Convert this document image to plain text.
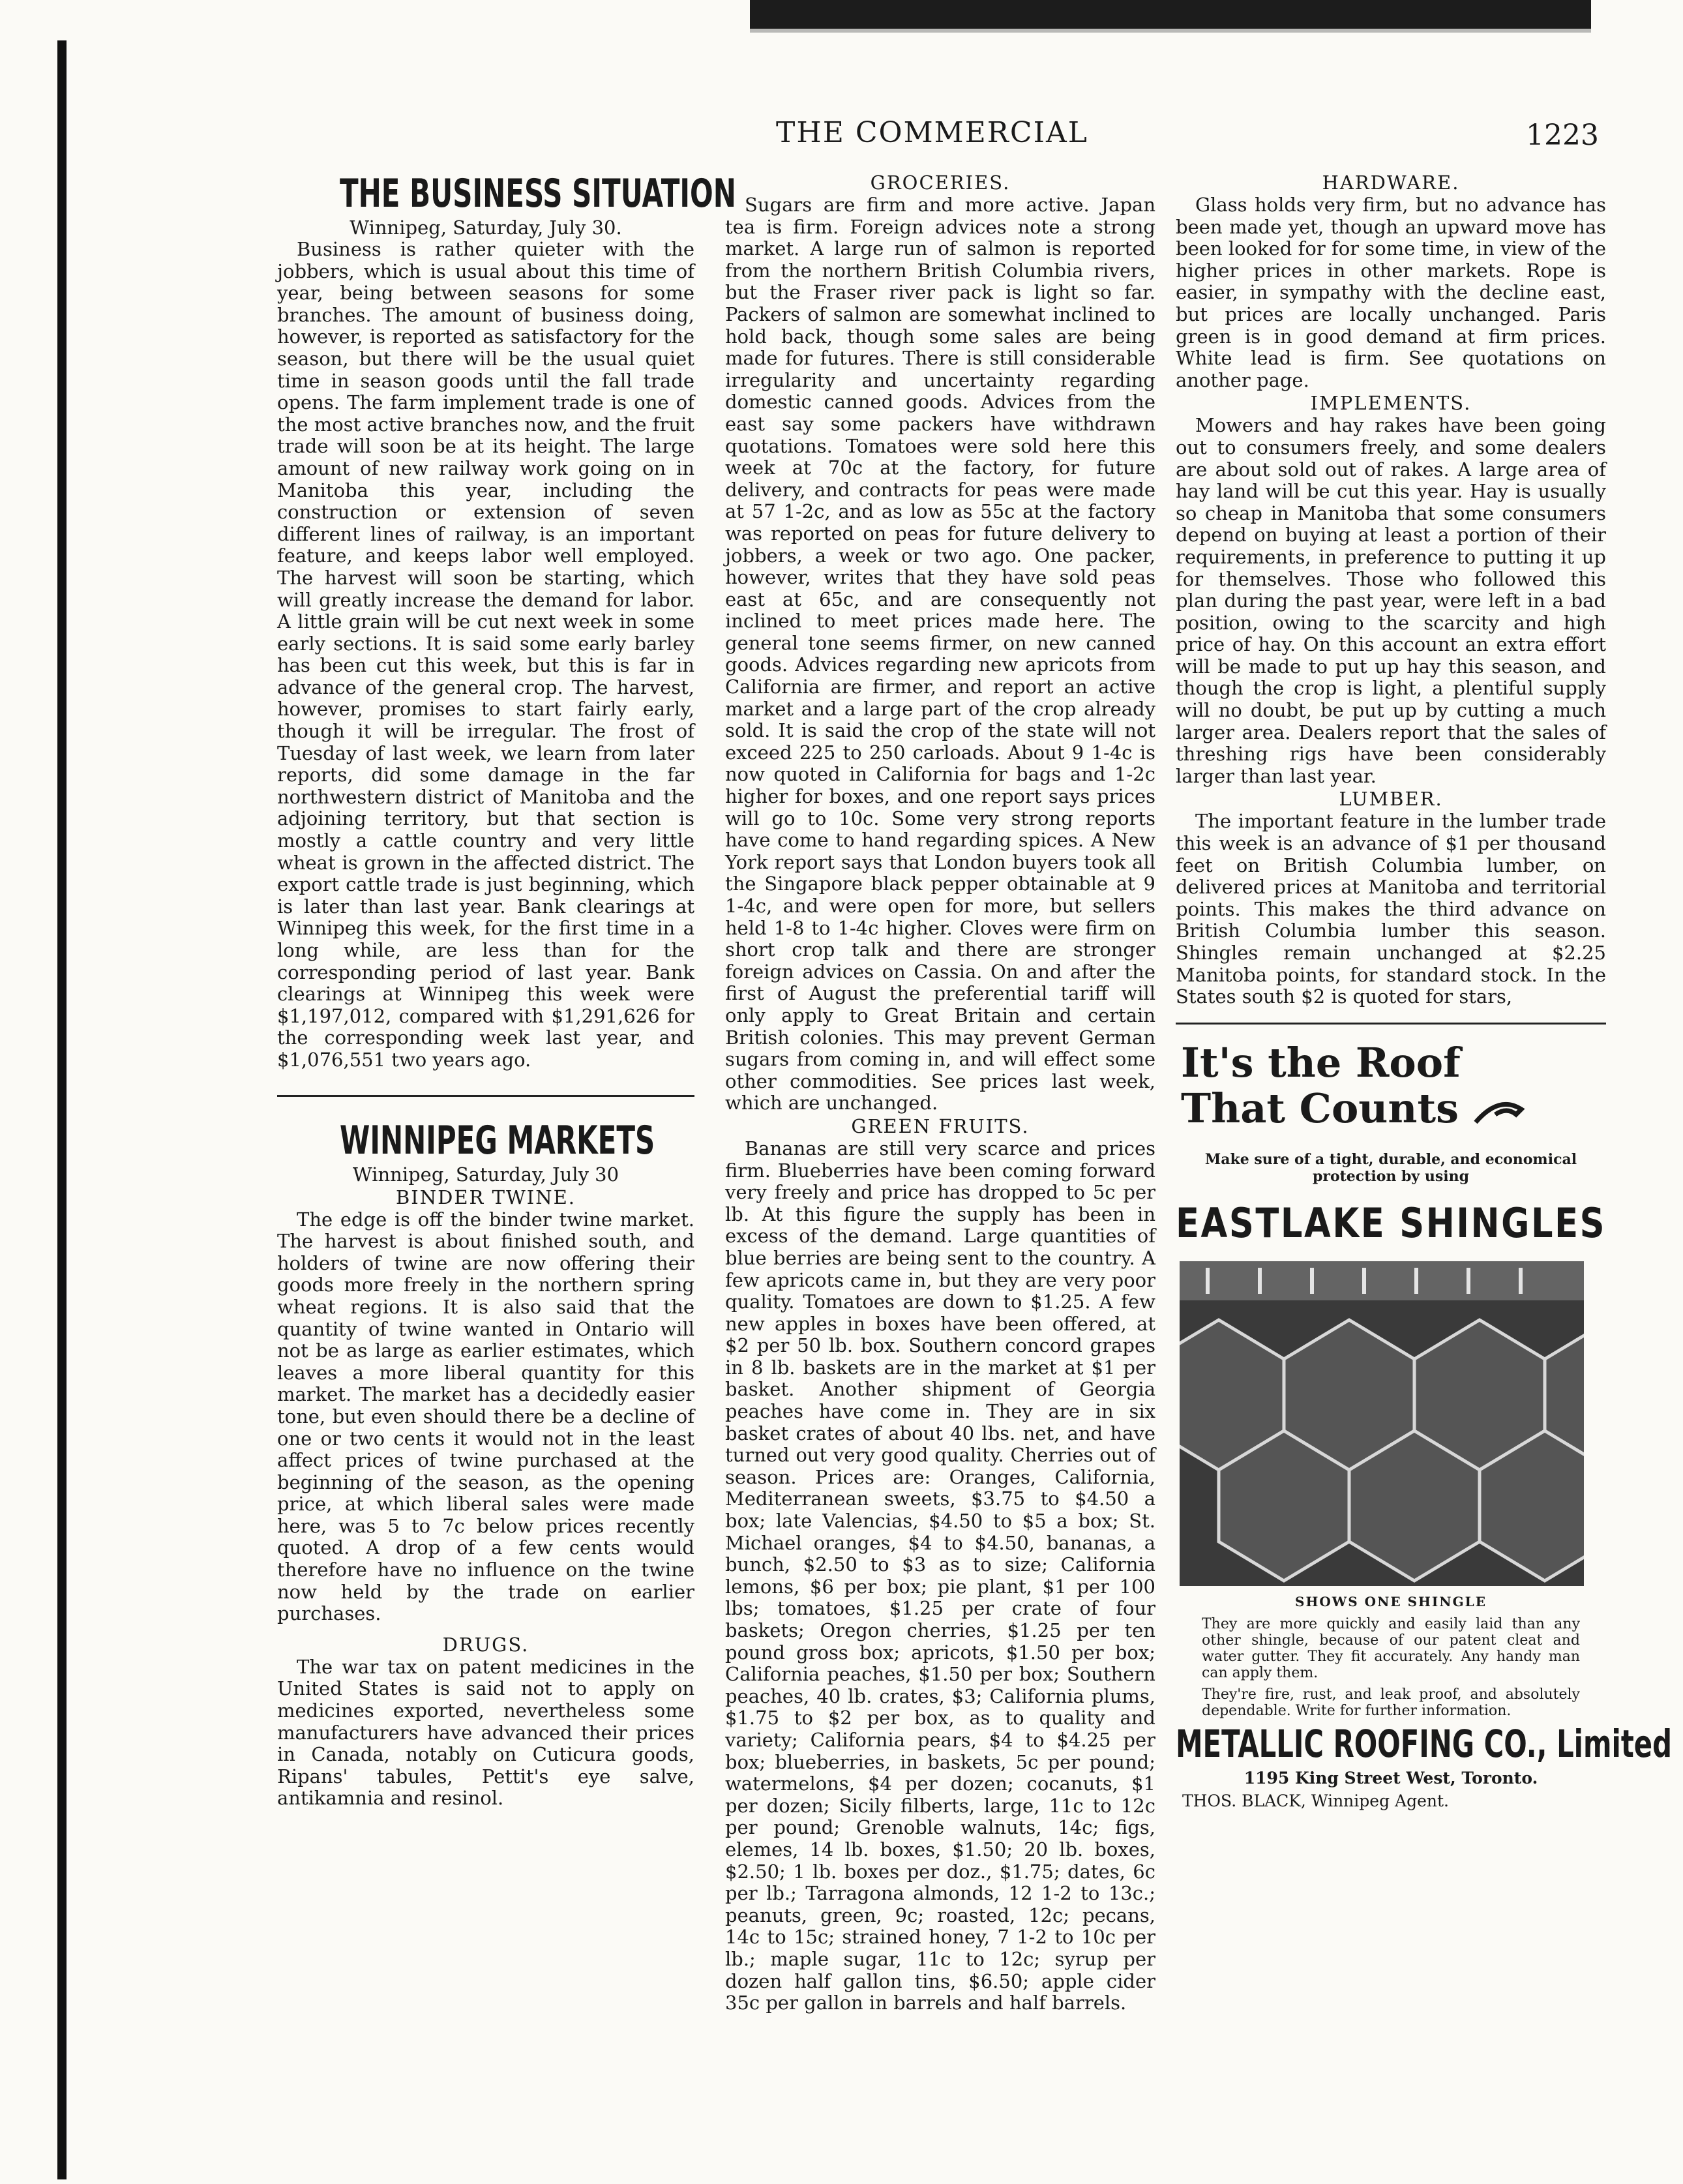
THE COMMERCIAL	1223
THE BUSINESS SITUATION

Winnipeg, Saturday, July 30.

Business is rather quieter with the jobbers, which is usual about this time of year, being between seasons for some branches. The amount of business doing, however, is reported as satisfactory for the season, but there will be the usual quiet time in season goods until the fall trade opens. The farm implement trade is one of the most active branches now, and the fruit trade will soon be at its height. The large amount of new railway work going on in Manitoba this year, including the construction or extension of seven different lines of railway, is an important feature, and keeps labor well employed. The harvest will soon be starting, which will greatly increase the demand for labor. A little grain will be cut next week in some early sections. It is said some early barley has been cut this week, but this is far in advance of the general crop. The harvest, however, promises to start fairly early, though it will be irregular. The frost of Tuesday of last week, we learn from later reports, did some damage in the far northwestern district of Manitoba and the adjoining territory, but that section is mostly a cattle country and very little wheat is grown in the affected district. The export cattle trade is just beginning, which is later than last year. Bank clearings at Winnipeg this week, for the first time in a long while, are less than for the corresponding period of last year. Bank clearings at Winnipeg this week were $1,197,012, compared with $1,291,626 for the corresponding week last year, and $1,076,551 two years ago.

WINNIPEG MARKETS

Winnipeg, Saturday, July 30

BINDER TWINE.

The edge is off the binder twine market. The harvest is about finished south, and holders of twine are now offering their goods more freely in the northern spring wheat regions. It is also said that the quantity of twine wanted in Ontario will not be as large as earlier estimates, which leaves a more liberal quantity for this market. The market has a decidedly easier tone, but even should there be a decline of one or two cents it would not in the least affect prices of twine purchased at the beginning of the season, as the opening price, at which liberal sales were made here, was 5 to 7c below prices recently quoted. A drop of a few cents would therefore have no influence on the twine now held by the trade on earlier purchases.

DRUGS.

The war tax on patent medicines in the United States is said not to apply on medicines exported, nevertheless some manufacturers have advanced their prices in Canada, notably on Cuticura goods, Ripans' tabules, Pettit's eye salve, antikamnia and resinol.

GROCERIES.

Sugars are firm and more active. Japan tea is firm. Foreign advices note a strong market. A large run of salmon is reported from the northern British Columbia rivers, but the Fraser river pack is light so far. Packers of salmon are somewhat inclined to hold back, though some sales are being made for futures. There is still considerable irregularity and uncertainty regarding domestic canned goods. Advices from the east say some packers have withdrawn quotations. Tomatoes were sold here this week at 70c at the factory, for future delivery, and contracts for peas were made at 57 1-2c, and as low as 55c at the factory was reported on peas for future delivery to jobbers, a week or two ago. One packer, however, writes that they have sold peas east at 65c, and are consequently not inclined to meet prices made here. The general tone seems firmer, on new canned goods. Advices regarding new apricots from California are firmer, and report an active market and a large part of the crop already sold. It is said the crop of the state will not exceed 225 to 250 carloads. About 9 1-4c is now quoted in California for bags and 1-2c higher for boxes, and one report says prices will go to 10c. Some very strong reports have come to hand regarding spices. A New York report says that London buyers took all the Singapore black pepper obtainable at 9 1-4c, and were open for more, but sellers held 1-8 to 1-4c higher. Cloves were firm on short crop talk and there are stronger foreign advices on Cassia. On and after the first of August the preferential tariff will only apply to Great Britain and certain British colonies. This may prevent German sugars from coming in, and will effect some other commodities. See prices last week, which are unchanged.

GREEN FRUITS.

Bananas are still very scarce and prices firm. Blueberries have been coming forward very freely and price has dropped to 5c per lb. At this figure the supply has been in excess of the demand. Large quantities of blue berries are being sent to the country. A few apricots came in, but they are very poor quality. Tomatoes are down to $1.25. A few new apples in boxes have been offered, at $2 per 50 lb. box. Southern concord grapes in 8 lb. baskets are in the market at $1 per basket. Another shipment of Georgia peaches have come in. They are in six basket crates of about 40 lbs. net, and have turned out very good quality. Cherries out of season. Prices are: Oranges, California, Mediterranean sweets, $3.75 to $4.50 a box; late Valencias, $4.50 to $5 a box; St. Michael oranges, $4 to $4.50, bananas, a bunch, $2.50 to $3 as to size; California lemons, $6 per box; pie plant, $1 per 100 lbs; tomatoes, $1.25 per crate of four baskets; Oregon cherries, $1.25 per ten pound gross box; apricots, $1.50 per box; California peaches, $1.50 per box; Southern peaches, 40 lb. crates, $3; California plums, $1.75 to $2 per box, as to quality and variety; California pears, $4 to $4.25 per box; blueberries, in baskets, 5c per pound; watermelons, $4 per dozen; cocanuts, $1 per dozen; Sicily filberts, large, 11c to 12c per pound; Grenoble walnuts, 14c; figs, elemes, 14 lb. boxes, $1.50; 20 lb. boxes, $2.50; 1 lb. boxes per doz., $1.75; dates, 6c per lb.; Tarragona almonds, 12 1-2 to 13c.; peanuts, green, 9c; roasted, 12c; pecans, 14c to 15c; strained honey, 7 1-2 to 10c per lb.; maple sugar, 11c to 12c; syrup per dozen half gallon tins, $6.50; apple cider 35c per gallon in barrels and half barrels.

HARDWARE.

Glass holds very firm, but no advance has been made yet, though an upward move has been looked for for some time, in view of the higher prices in other markets. Rope is easier, in sympathy with the decline east, but prices are locally unchanged. Paris green is in good demand at firm prices. White lead is firm. See quotations on another page.

IMPLEMENTS.

Mowers and hay rakes have been going out to consumers freely, and some dealers are about sold out of rakes. A large area of hay land will be cut this year. Hay is usually so cheap in Manitoba that some consumers depend on buying at least a portion of their requirements, in preference to putting it up for themselves. Those who followed this plan during the past year, were left in a bad position, owing to the scarcity and high price of hay. On this account an extra effort will be made to put up hay this season, and though the crop is light, a plentiful supply will no doubt, be put up by cutting a much larger area. Dealers report that the sales of threshing rigs have been considerably larger than last year.

LUMBER.

The important feature in the lumber trade this week is an advance of $1 per thousand feet on British Columbia lumber, on delivered prices at Manitoba and territorial points. This makes the third advance on British Columbia lumber this season. Shingles remain unchanged at $2.25 Manitoba points, for standard stock. In the States south $2 is quoted for stars,

It's the Roof

That Counts

Make sure of a tight, durable, and economical protection by using

EASTLAKE SHINGLES

SHOWS ONE SHINGLE

They are more quickly and easily laid than any other shingle, because of our patent cleat and water gutter. They fit accurately. Any handy man can apply them.

They're fire, rust, and leak proof, and absolutely dependable. Write for further information.

METALLIC ROOFING CO., Limited

1195 King Street West, Toronto.

THOS. BLACK, Winnipeg Agent.
